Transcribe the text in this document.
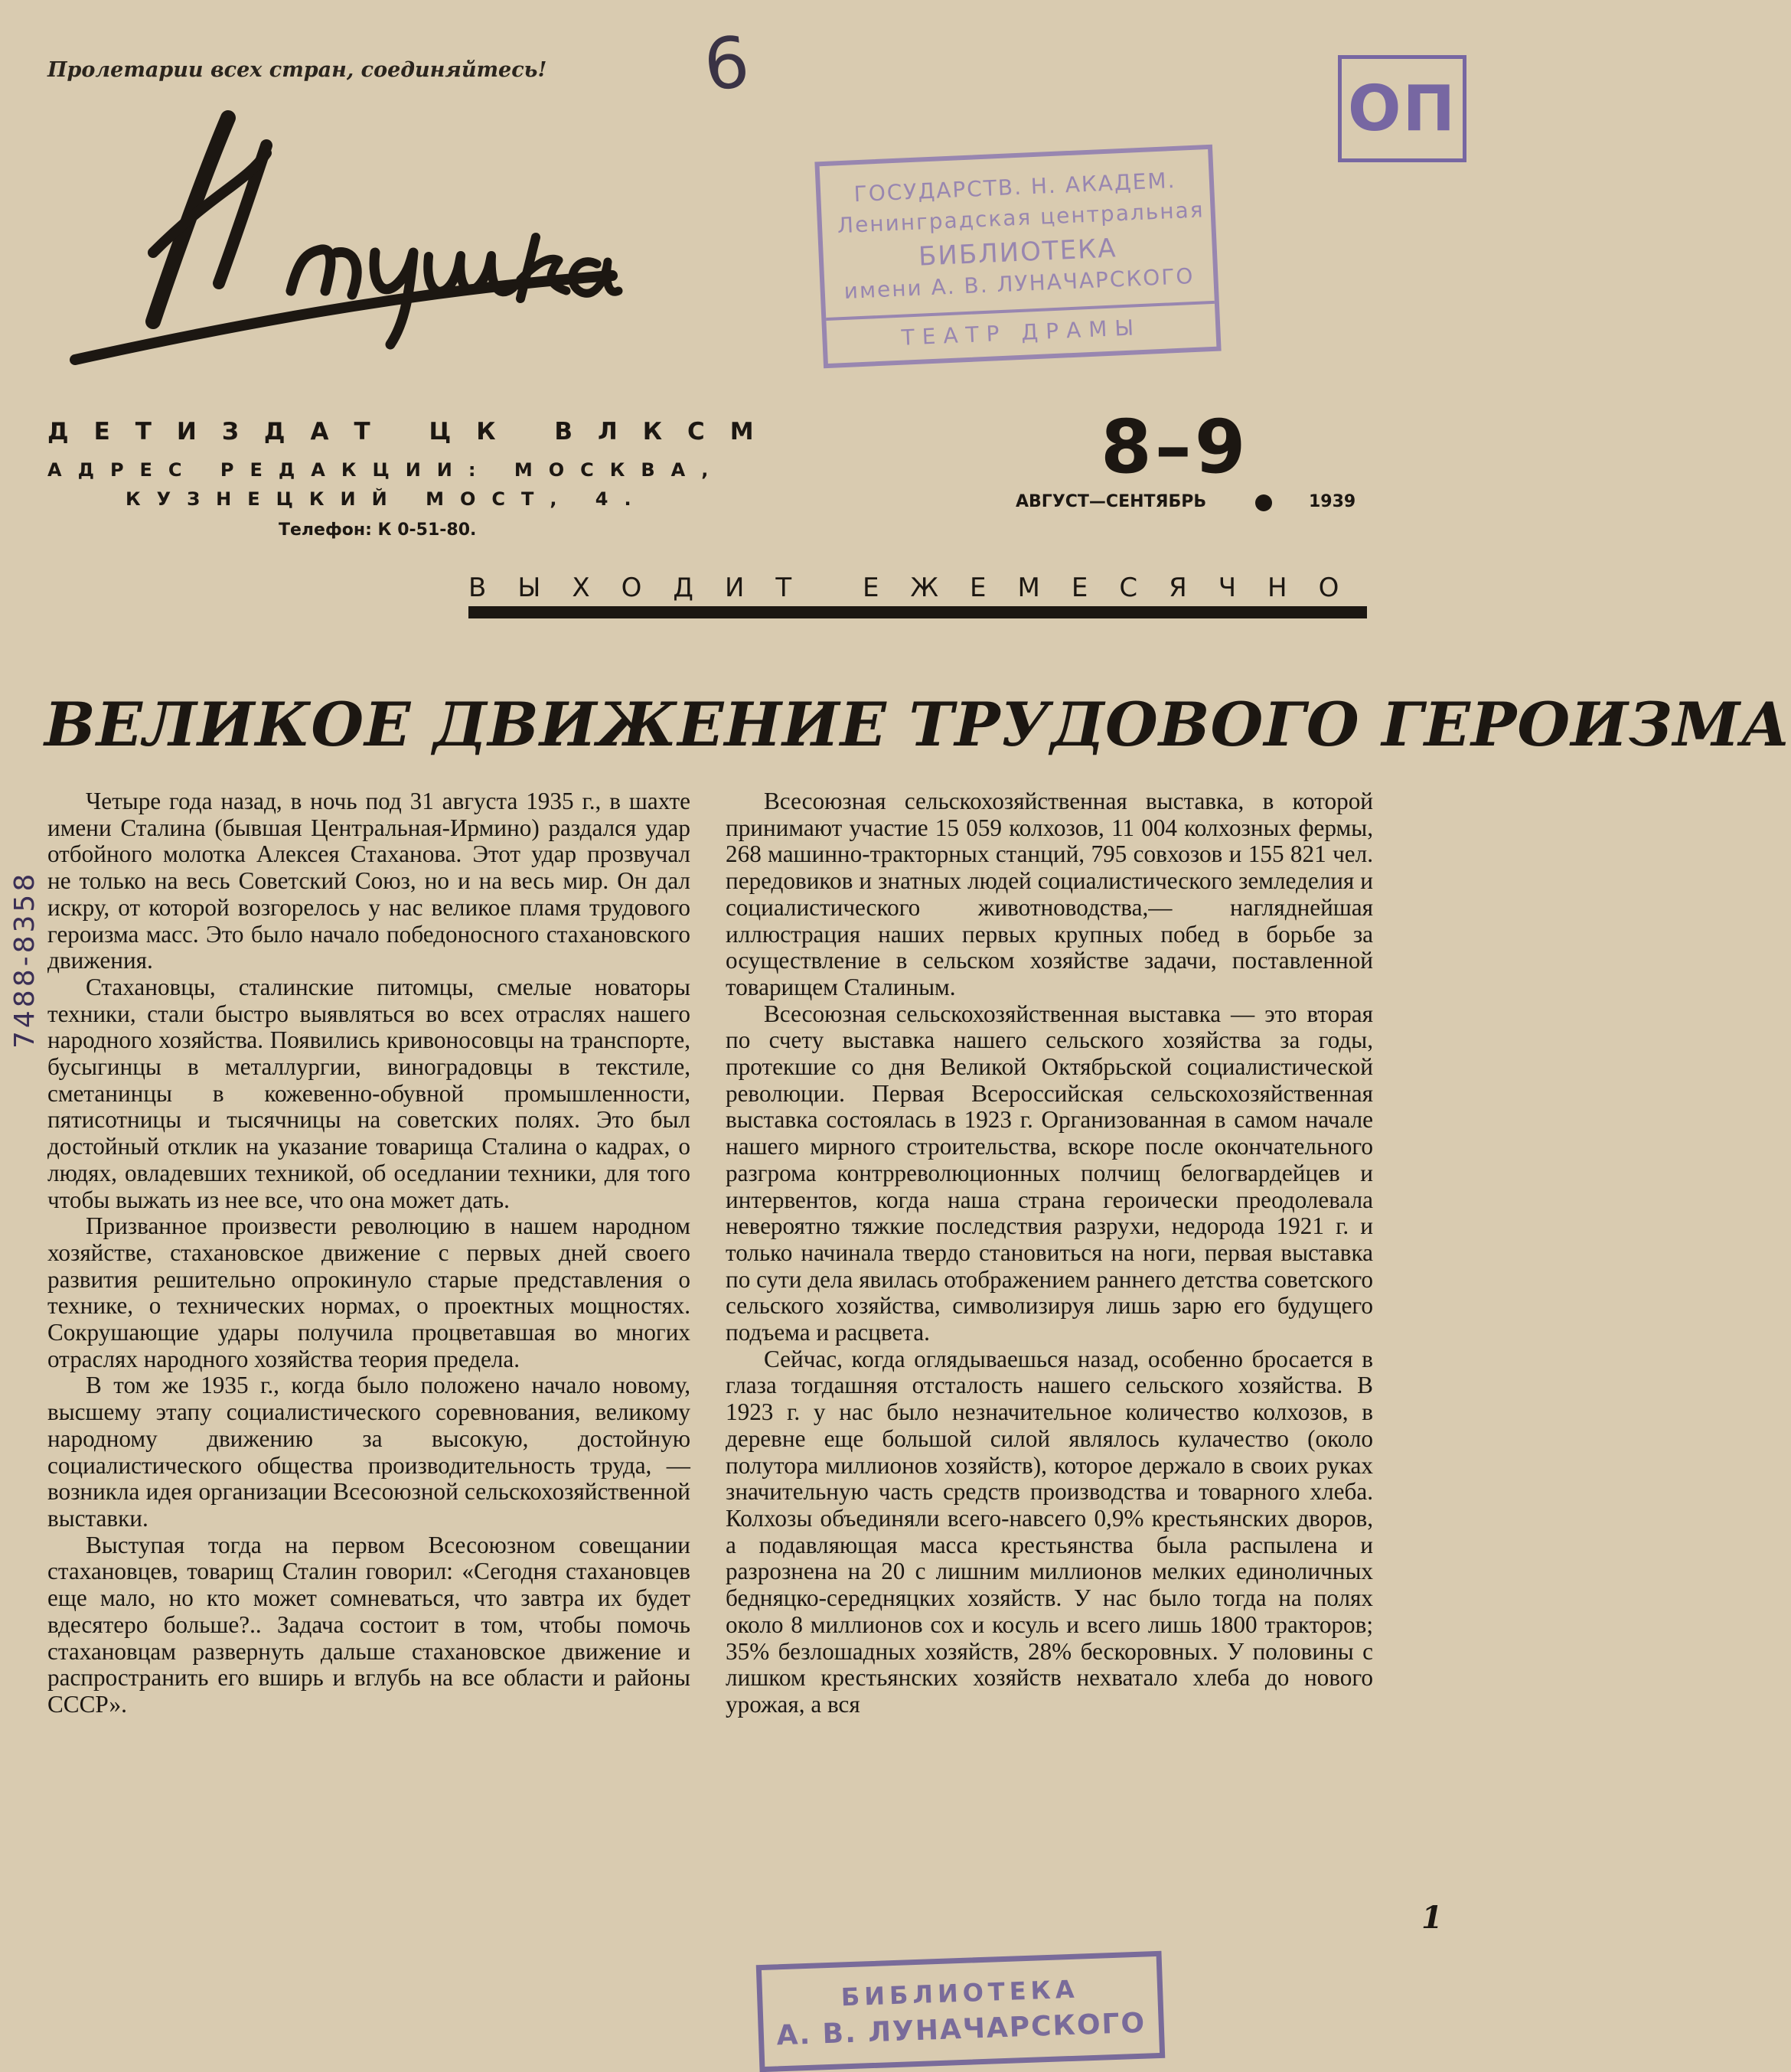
Пролетарии всех стран, соединяйтесь! 6
ОП
ГОСУДАРСТВ. Н. АКАДЕМ.
Ленинградская центральная
БИБЛИОТЕКА
имени А. В. ЛУНАЧАРСКОГО
ТЕАТР ДРАМЫ
ДЕТИЗДАТ ЦК ВЛКСМ
АДРЕС РЕДАКЦИИ: МОСКВА,
КУЗНЕЦКИЙ МОСТ, 4.
Телефон: К 0-51-80.
8–9
АВГУСТ—СЕНТЯБРЬ	1939
ВЫХОДИТ ЕЖЕМЕСЯЧНО
7488-8358
ВЕЛИКОЕ ДВИЖЕНИЕ ТРУДОВОГО ГЕРОИЗМА

Четыре года назад, в ночь под 31 августа 1935 г., в шахте имени Сталина (бывшая Центральная-Ирмино) раздался удар отбойного молотка Алексея Стаханова. Этот удар прозвучал не только на весь Советский Союз, но и на весь мир. Он дал искру, от которой возгорелось у нас великое пламя трудового героизма масс. Это было начало победоносного стахановского движения.

Стахановцы, сталинские питомцы, смелые новаторы техники, стали быстро выявляться во всех отраслях нашего народного хозяйства. Появились кривоносовцы на транспорте, бусыгинцы в металлургии, виноградовцы в текстиле, сметанинцы в кожевенно-обувной промышленности, пятисотницы и тысячницы на советских полях. Это был достойный отклик на указание товарища Сталина о кадрах, о людях, овладевших техникой, об оседлании техники, для того чтобы выжать из нее все, что она может дать.

Призванное произвести революцию в нашем народном хозяйстве, стахановское движение с первых дней своего развития решительно опрокинуло старые представления о технике, о технических нормах, о проектных мощностях. Сокрушающие удары получила процветавшая во многих отраслях народного хозяйства теория предела.

В том же 1935 г., когда было положено начало новому, высшему этапу социалистического соревнования, великому народному движению за высокую, достойную социалистического общества производительность труда, — возникла идея организации Всесоюзной сельскохозяйственной выставки.

Выступая тогда на первом Всесоюзном совещании стахановцев, товарищ Сталин говорил: «Сегодня стахановцев еще мало, но кто может сомневаться, что завтра их будет вдесятеро больше?.. Задача состоит в том, чтобы помочь стахановцам развернуть дальше стахановское движение и распространить его вширь и вглубь на все области и районы СССР».

Всесоюзная сельскохозяйственная выставка, в которой принимают участие 15 059 колхозов, 11 004 колхозных фермы, 268 машинно-тракторных станций, 795 совхозов и 155 821 чел. передовиков и знатных людей социалистического земледелия и социалистического животноводства,— нагляднейшая иллюстрация наших первых крупных побед в борьбе за осуществление в сельском хозяйстве задачи, поставленной товарищем Сталиным.

Всесоюзная сельскохозяйственная выставка — это вторая по счету выставка нашего сельского хозяйства за годы, протекшие со дня Великой Октябрьской социалистической революции. Первая Всероссийская сельскохозяйственная выставка состоялась в 1923 г. Организованная в самом начале нашего мирного строительства, вскоре после окончательного разгрома контрреволюционных полчищ белогвардейцев и интервентов, когда наша страна героически преодолевала невероятно тяжкие последствия разрухи, недорода 1921 г. и только начинала твердо становиться на ноги, первая выставка по сути дела явилась отображением раннего детства советского сельского хозяйства, символизируя лишь зарю его будущего подъема и расцвета.

Сейчас, когда оглядываешься назад, особенно бросается в глаза тогдашняя отсталость нашего сельского хозяйства. В 1923 г. у нас было незначительное количество колхозов, в деревне еще большой силой являлось кулачество (около полутора миллионов хозяйств), которое держало в своих руках значительную часть средств производства и товарного хлеба. Колхозы объединяли всего-навсего 0,9% крестьянских дворов, а подавляющая масса крестьянства была распылена и разрознена на 20 с лишним миллионов мелких единоличных бедняцко-середняцких хозяйств. У нас было тогда на полях около 8 миллионов сох и косуль и всего лишь 1800 тракторов; 35% безлошадных хозяйств, 28% бескоровных. У половины с лишком крестьянских хозяйств нехватало хлеба до нового урожая, а вся

1
БИБЛИОТЕКА
А. В. ЛУНАЧАРСКОГО
